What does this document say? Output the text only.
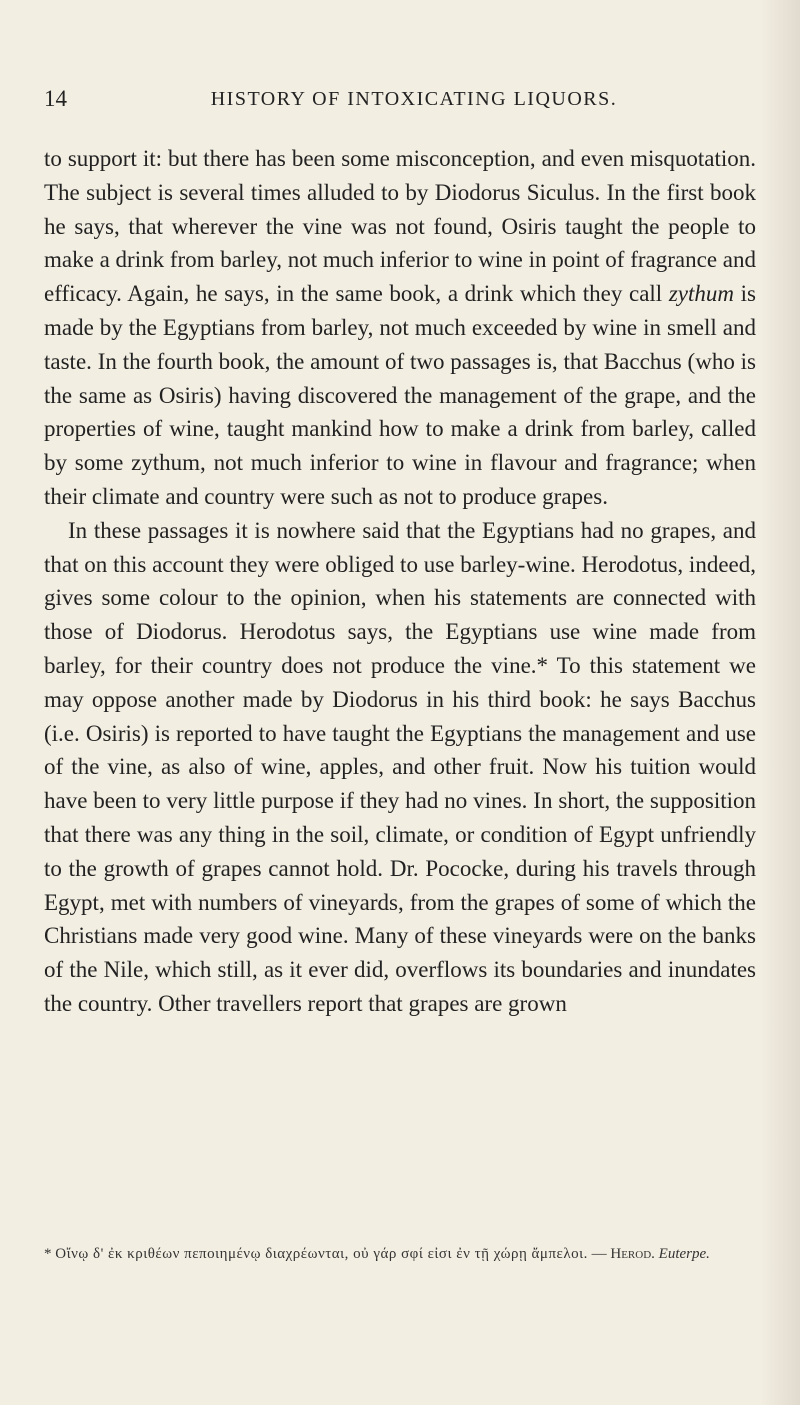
14	HISTORY OF INTOXICATING LIQUORS.

to support it: but there has been some misconception, and even misquotation. The subject is several times alluded to by Diodorus Siculus. In the first book he says, that wherever the vine was not found, Osiris taught the people to make a drink from barley, not much inferior to wine in point of fragrance and efficacy. Again, he says, in the same book, a drink which they call zythum is made by the Egyptians from barley, not much exceeded by wine in smell and taste. In the fourth book, the amount of two passages is, that Bacchus (who is the same as Osiris) having discovered the management of the grape, and the properties of wine, taught mankind how to make a drink from barley, called by some zythum, not much inferior to wine in flavour and fragrance; when their climate and country were such as not to produce grapes.

In these passages it is nowhere said that the Egyptians had no grapes, and that on this account they were obliged to use barley-wine. Herodotus, indeed, gives some colour to the opinion, when his statements are connected with those of Diodorus. Herodotus says, the Egyptians use wine made from barley, for their country does not produce the vine.* To this statement we may oppose another made by Diodorus in his third book: he says Bacchus (i.e. Osiris) is reported to have taught the Egyptians the management and use of the vine, as also of wine, apples, and other fruit. Now his tuition would have been to very little purpose if they had no vines. In short, the supposition that there was any thing in the soil, climate, or condition of Egypt unfriendly to the growth of grapes cannot hold. Dr. Pococke, during his travels through Egypt, met with numbers of vineyards, from the grapes of some of which the Christians made very good wine. Many of these vineyards were on the banks of the Nile, which still, as it ever did, overflows its boundaries and inundates the country. Other travellers report that grapes are grown

* Οἴνῳ δ' ἐκ κριθέων πεποιημένῳ διαχρέωνται, οὐ γάρ σφί εἰσι ἐν τῇ χώρῃ ἄμπελοι. — Herod. Euterpe.
